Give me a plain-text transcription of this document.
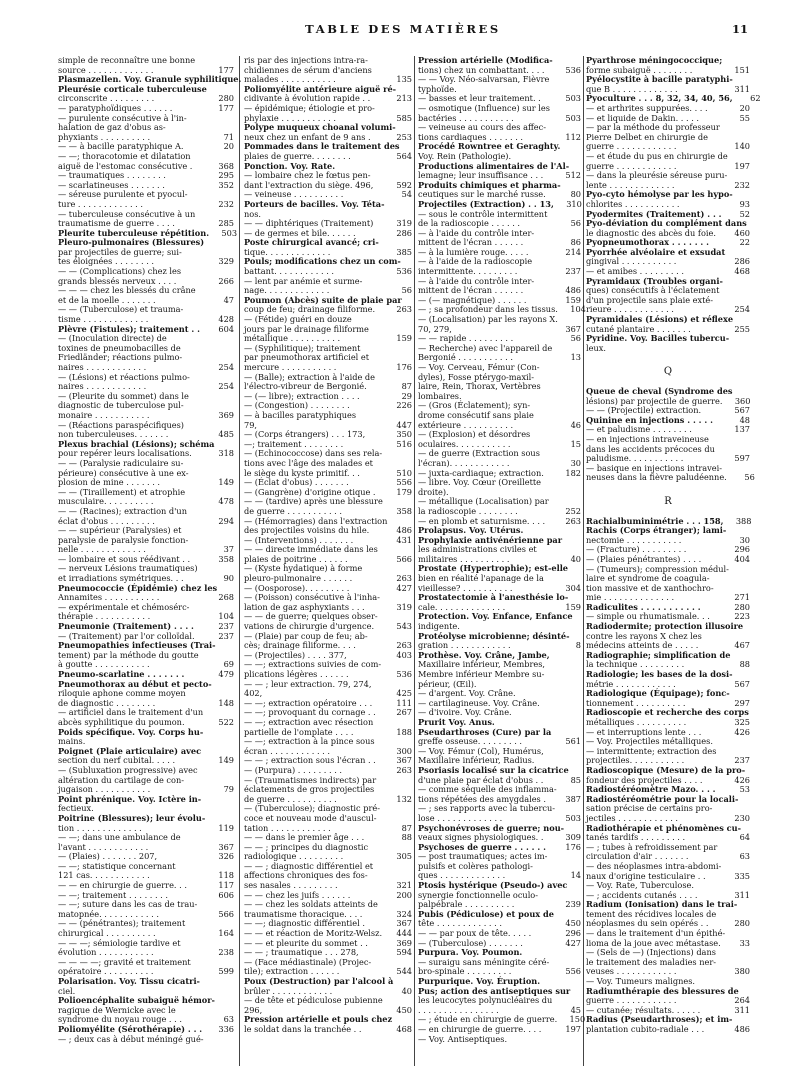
TABLE DES MATIÈRES	11
simple de reconnaître une bonne
source . . . . . . . . . . . . .	177
Plasmazellen. Voy. Granule syphilitique.
Pleurésie corticale tuberculeuse
circonscrite . . . . . . . . .	280
— paratyphoïdiques . . . . . .	177
— purulente consécutive à l'in-
halation de gaz d'obus as-
phyxiants . . . . . . . . . .	71
— — à bacille paratyphique A.	20
— —; thoracotomie et dilatation
aiguë de l'estomac consécutive .	368
— traumatiques . . . . . . . .	295
— scarlatineuses . . . . . . .	352
— séreuse purulente et pyocul-
ture . . . . . . . . . . . . .	232
— tuberculeuse consécutive à un
traumatisme de guerre . . . .	285
Pleurite tuberculeuse répétition.	503
Pleuro-pulmonaires (Blessures)
par projectiles de guerre; sui-
tes éloignées . . . . . . . .	329
— — (Complications) chez les
grands blessés nerveux . . . .	266
— — — chez les blessés du crâne
et de la moelle . . . . . . .	47
— — (Tuberculose) et trauma-
tisme . . . . . . . . . . . . .	428
Plèvre (Fistules); traitement . .	604
— (Inoculation directe) de
toxines de pneumobacilles de
Friedländer; réactions pulmo-
naires . . . . . . . . . . . .	254
— (Lésions) et réactions pulmo-
naires . . . . . . . . . . . .	254
— (Pleurite du sommet) dans le
diagnostic de tuberculose pul-
monaire . . . . . . . . . . .	369
— (Réactions paraspécifiques)
non tuberculeuses. . . . . . .	485
Plexus brachial (Lésions); schéma
pour repérer leurs localisations.	318
— — (Paralysie radiculaire su-
périeure) consécutive à une ex-
plosion de mine . . . . . . .	149
— — (Tiraillement) et atrophie
musculaire. . . . . . . . . .	478
— — (Racines); extraction d'un
éclat d'obus . . . . . . . . .	294
— — supérieur (Paralysies) et
paralysie de paralysie fonction-
nelle . . . . . . . . . . . . .	37
— lombaire et sous réédivant . .	358
— nerveux Lésions traumatiques)
et irradiations symétriques. . .	90
Pneumococcie (Épidémie) chez les
Annamites . . . . . . . . . . .	268
— expérimentale et chémosérc-
thérapie . . . . . . . . . . .	104
Pneumonie (Traitement) . . . .	237
— (Traitement) par l'or colloïdal.	237
Pneumopathies infectieuses (Trai-
tement) par la méthode du goutte
à goutte . . . . . . . . . . .	69
Pneumo-scarlatine . . . . . . .	479
Pneumothorax au début et pecto-
riloquie aphone comme moyen
de diagnostic . . . . . . . .	148
— artificiel dans le traitement d'un
abcès syphilitique du poumon.	522
Poids spécifique. Voy. Corps hu-
mains.
Poignet (Plaie articulaire) avec
section du nerf cubital. . . . .	149
— (Subluxation progressive) avec
altération du cartilage de con-
jugaison . . . . . . . . . . .	79
Point phrénique. Voy. Ictère in-
fectieux.
Poitrine (Blessures); leur évolu-
tion . . . . . . . . . . . . .	119
— —; dans une ambulance de
l'avant . . . . . . . . . . . .	367
— (Plaies) . . . . . . . 207,	326
— —; statistique concernant
121 cas. . . . . . . . . . . .	118
— — en chirurgie de guerre. . .	117
— —; traitement . . . . . . . .	606
— —; suture dans les cas de trau-
matopnée. . . . . . . . . . . .	566
— — (pénétrantes); traitement
chirurgical . . . . . . . . . .	164
— — —; sémiologie tardive et
évolution . . . . . . . . . . .	238
— — — —; gravité et traitement
opératoire . . . . . . . . . .	599
Polarisation. Voy. Tissu cicatri-
ciel.
Polioencéphalite subaiguë hémor-
ragique de Wernicke avec le
syndrome du noyau rouge . . .	63
Poliomyélite (Sérothérapie) . . .	336
— ; deux cas à début méningé gué-
ris par des injections intra-ra-
chidiennes de sérum d'anciens
malades . . . . . . . . . . .	135
Poliomyélite antérieure aiguë ré-
cidivante à évolution rapide . .	213
— épidémique; étiologie et pro-
phylaxie . . . . . . . . . . .	585
Polype muqueux choanal volumi-
neux chez un enfant de 9 ans .	253
Pommades dans le traitement des
plaies de guerre. . . . . . . .	564
Ponction. Voy. Rate.
— lombaire chez le fœtus pen-
dant l'extraction du siège. 496,	592
— veineuse . . . . . . . . . .	54
Porteurs de bacilles. Voy. Téta-
nos.
— — diphtériques (Traitement)	319
— de germes et bile. . . . . .	286
Poste chirurgical avancé; cri-
tique. . . . . . . . . . . . .	385
Pouls; modifications chez un com-
battant. . . . . . . . . . . .	536
— lent par anémie et surme-
nage. . . . . . . . . . . . .	56
Poumon (Abcès) suite de plaie par
coup de feu; drainage filiforme.	263
— (Fétide) guéri en douze
jours par le drainage filiforme
métallique . . . . . . . . . .	159
— (Syphilitique); traitement
par pneumothorax artificiel et
mercure . . . . . . . . . . .	176
— (Balle); extraction à l'aide de
l'électro-vibreur de Bergonié.	87
— (— libre); extraction . . . .	29
— (Congestion) . . . . . . . .	226
— à bacilles paratyphiques
79,	447
— (Corps étrangers) . . . 173,	350
—; traitement . . . . . . . .	516
— (Echinococcose) dans ses rela-
tions avec l'âge des malades et
le siège du kyste primitif. . .	510
— (Éclat d'obus) . . . . . . .	556
— (Gangrène) d'origine otique .	179
— — (tardive) après une blessure
de guerre . . . . . . . . . . .	358
— (Hémorragies) dans l'extraction
des projectiles voisins du hile.	486
— (Interventions) . . . . . . .	431
— — directe immédiate dans les
plaies de poitrine . . . . . .	566
— (Kyste hydatique) à forme
pleuro-pulmonaire . . . . . .	263
— (Oosporose). . . . . . . . .	427
— (Poisson) consécutive à l'inha-
lation de gaz asphyxiants . . .	319
— — de guerre; quelques obser-
vations de chirurgie d'urgence.	543
— (Plaie) par coup de feu; ab-
cès; drainage filiforme. . . .	263
— (Projectiles) . . . . 377,	403
— —; extractions suivies de com-
plications légères . . . . . .	536
— — ; leur extraction. 79, 274,
402,	425
— —; extraction opératoire . . .	111
— —; provoquant du cornage . .	267
— —; extraction avec résection
partielle de l'omplate . . . .	188
— —; extraction à la pince sous
écran . . . . . . . . . . . .	300
— — ; extraction sous l'écran . .	367
— (Purpura) . . . . . . . . .	263
— (Traumatismes indirects) par
éclatements de gros projectiles
de guerre . . . . . . . . . .	132
— (Tuberculose); diagnostic pré-
coce et nouveau mode d'auscul-
tation . . . . . . . . . . . .	87
— — dans le premier âge . . .	88
— — ; principes du diagnostic
radiologique . . . . . . . . .	305
— — ; diagnostic différentiel et
affections chroniques des fos-
ses nasales . . . . . . . . .	321
— — chez les juifs . . . . . .	200
— — chez les soldats atteints de
traumatisme thoracique. . . .	324
— —; diagnostic différentiel .	367
— — et réaction de Moritz-Welsz.	444
— — et pleurite du sommet . .	369
— — ; traumatique . . . 278,	594
— (Face médiastinale) (Projec-
tile); extraction . . . . . .	544
Poux (Destruction) par l'alcool à
brûler . . . . . . . . . . . .	40
— de tête et pédiculose pubienne
296,	450
Pression artérielle et pouls chez
le soldat dans la tranchée . .	468
Pression artérielle (Modifica-
tions) chez un combattant. . . .	536
— — Voy. Néo-salvarsan, Fièvre
typhoïde.
— basses et leur traitement. .	503
— osmotique (Influence) sur les
bactéries . . . . . . . . . . .	503
— veineuse au cours des affec-
tions cardiaques . . . . . . .	112
Procédé Rowntree et Geraghty.
Voy. Rein (Pathologie).
Productions alimentaires de l'Al-
lemagne; leur insuffisance . . .	512
Produits chimiques et pharma-
ceutiques sur le marché russe.	80
Projectiles (Extraction) . . 13,	310
— sous le contrôle intermittent
de la radioscopie . . . . . .	56
— à l'aide du contrôle inter-
mittent de l'écran . . . . . .	86
— à la lumière rouge. . . . .	214
— à l'aide de la radioscopie
intermittente. . . . . . . . .	237
— à l'aide du contrôle inter-
mittent de l'écran . . . . . .	486
— (— magnétique) . . . . . .	159
— ; sa profondeur dans les tissus.	104
— (Localisation) par les rayons X.
70, 279,	367
— — rapide . . . . . . . . .	56
— Recherche) avec l'appareil de
Bergonié . . . . . . . . . . .	13
— Voy. Cerveau, Fémur (Con-
dyles), Fosse ptérygo-maxil-
laire, Rein, Thorax, Vertèbres
lombaires.
— (Gros (Éclatement); syn-
drome consécutif sans plaie
extérieure . . . . . . . . . .	46
— (Explosion) et désordres
oculaires. . . . . . . . . . .	15
— de guerre (Extraction sous
l'écran). . . . . . . . . . . .	30
— juxta-cardiaque; extraction.	182
— libre. Voy. Cœur (Oreillette
droite).
— métallique (Localisation) par
la radioscopie . . . . . . . .	252
— en plomb et saturnisme. . . .	263
Prolapsus. Voy. Utérus.
Prophylaxie antivénérienne par
les administrations civiles et
militaires . . . . . . . . . .	40
Prostate (Hypertrophie); est-elle
bien en réalité l'apanage de la
vieillesse? . . . . . . . . . .	304
Prostatectomie à l'anesthésie lo-
cale. . . . . . . . . . . . . .	159
Protection. Voy. Enfance, Enfance
indigente.
Protéolyse microbienne; désinté-
gration . . . . . . . . . . . .	8
Prothèse. Voy. Crâne, Jambe,
Maxillaire inférieur, Membres,
Membre inférieur Membre su-
périeur, (Œil).
— d'argent. Voy. Crâne.
— cartilagineuse. Voy. Crâne.
— d'ivoire. Voy. Crâne.
Prurit Voy. Anus.
Pseudarthroses (Cure) par la
greffe osseuse. . . . . . . . .	561
— Voy. Fémur (Col), Humérus,
Maxillaire inférieur, Radius.
Psoriasis localisé sur la cicatrice
d'une plaie par éclat d'obus . .	85
— comme séquelle des inflamma-
tions répétées des amygdales .	387
— ; ses rapports avec la tubercu-
lose . . . . . . . . . . . . .	503
Psychonévroses de guerre; nou-
veaux signes physiologiques. .	309
Psychoses de guerre . . . . . .	176
— post traumatiques; actes im-
pulsifs et colères pathologi-
ques . . . . . . . . . . . . .	14
Ptosis hystérique (Pseudo-) avec
synergie fonctionnelle oculo-
palpébrale . . . . . . . . . .	239
Pubis (Pédiculose) et poux de
tête . . . . . . . . . . . . .	450
— — par poux de tête. . . . .	296
— (Tuberculose) . . . . . . .	427
Purpura. Voy. Poumon.
— suraigu sans méningite céré-
bro-spinale . . . . . . . . .	556
Purpurique. Voy. Éruption.
Pus; action des antiseptiques sur
les leucocytes polynucléaires du
. . . . . . . . . . . . . . . .	45
— ; étude en chirurgie de guerre.	150
— en chirurgie de guerre. . . .	197
— Voy. Antiseptiques.
Pyarthrose méningococcique;
forme subaiguë . . . . . . . .	151
Pyélocystite à bacille paratyphi-
que B . . . . . . . . . . . . .	311
Pyoculture . . . 8, 32, 34, 40, 56,	62
— et arthrites suppurées. . . .	20
— et liquide de Dakin. . . . .	55
— par la méthode du professeur
Pierre Delbet en chirurgie de
guerre . . . . . . . . . . . .	140
— et étude du pus en chirurgie de
guerre . . . . . . . . . . . .	197
— dans la pleurésie séreuse puru-
lente . . . . . . . . . . . . .	232
Pyo-cyto hémolyse par les hypo-
chlorites . . . . . . . . . . .	93
Pyodermites (Traitement) . . .	52
Pyo-déviation du complément dans
le diagnostic des abcès du foie.	460
Pyopneumothorax . . . . . . .	22
Pyorrhée alvéolaire et exsudat
gingival . . . . . . . . . . .	286
— et amibes . . . . . . . . .	468
Pyramidaux (Troubles organi-
ques) consécutifs à l'éclatement
d'un projectile sans plaie exté-
rieure . . . . . . . . . . . .	254
Pyramidales (Lésions) et réflexe
cutané plantaire . . . . . . .	255
Pyridine. Voy. Bacilles tubercu-
leux.
Q
Queue de cheval (Syndrome des
lésions) par projectile de guerre.	360
— — (Projectile) extraction.	567
Quinine en injections . . . . .	48
— et paludisme . . . . . . . .	137
— en injections intraveineuse
dans les accidents précoces du
paludisme. . . . . . . . . . .	597
— basique en injections intravei-
neuses dans la fièvre paludéenne.	56
R
Rachialbuminimétrie . . . 158,	388
Rachis (Corps étranger); lami-
nectomie . . . . . . . . . . .	30
— (Fracture) . . . . . . . . .	296
— (Plaies pénétrantes) . . . .	404
— (Tumeurs); compression médul-
laire et syndrome de coagula-
tion massive et de xanthochro-
mie . . . . . . . . . . . . . .	271
Radiculites . . . . . . . . . . .	280
— simple ou rhumatismale. . .	223
Radiodermite; protection illusoire
contre les rayons X chez les
médecins atteints de . . . . .	467
Radiographie; simplification de
la technique . . . . . . . . .	88
Radiologie; les bases de la dosi-
métrie . . . . . . . . . . . .	567
Radiologique (Équipage); fonc-
tionnement . . . . . . . . . .	297
Radioscopie et recherche des corps
métalliques . . . . . . . . . .	325
— et interruptions lente . . .	426
— Voy. Projectiles métalliques.
— intermittente; extraction des
projectiles. . . . . . . . . . .	237
Radioscopique (Mesure) de la pro-
fondeur des projectiles . . . .	426
Radiostéréomètre Mazo. . . .	53
Radiostéréométrie pour la locali-
sation précise de certains pro-
jectiles . . . . . . . . . . . .	230
Radiothérapie et phénomènes cu-
tanés tardifs . . . . . . . . .	64
— ; tubes à refroidissement par
circulation d'air . . . . . . .	63
— des néoplasmes intra-abdomi-
naux d'origine testiculaire . .	335
— Voy. Rate, Tuberculose.
— ; accidents cutanés . . . .	311
Radium (Ionisation) dans le trai-
tement des récidives locales de
néoplasmes du sein opérés . .	280
— dans le traitement d'un épithé-
lioma de la joue avec métastase.	33
— (Sels de —) (Injections) dans
le traitement des maladies ner-
veuses . . . . . . . . . . . .	380
— Voy. Tumeurs malignes.
Radiumthérapie des blessures de
guerre . . . . . . . . . . . .	264
— cutanée; résultats. . . . . .	311
Radius (Pseudarthroses); et im-
plantation cubito-radiale . . .	486
